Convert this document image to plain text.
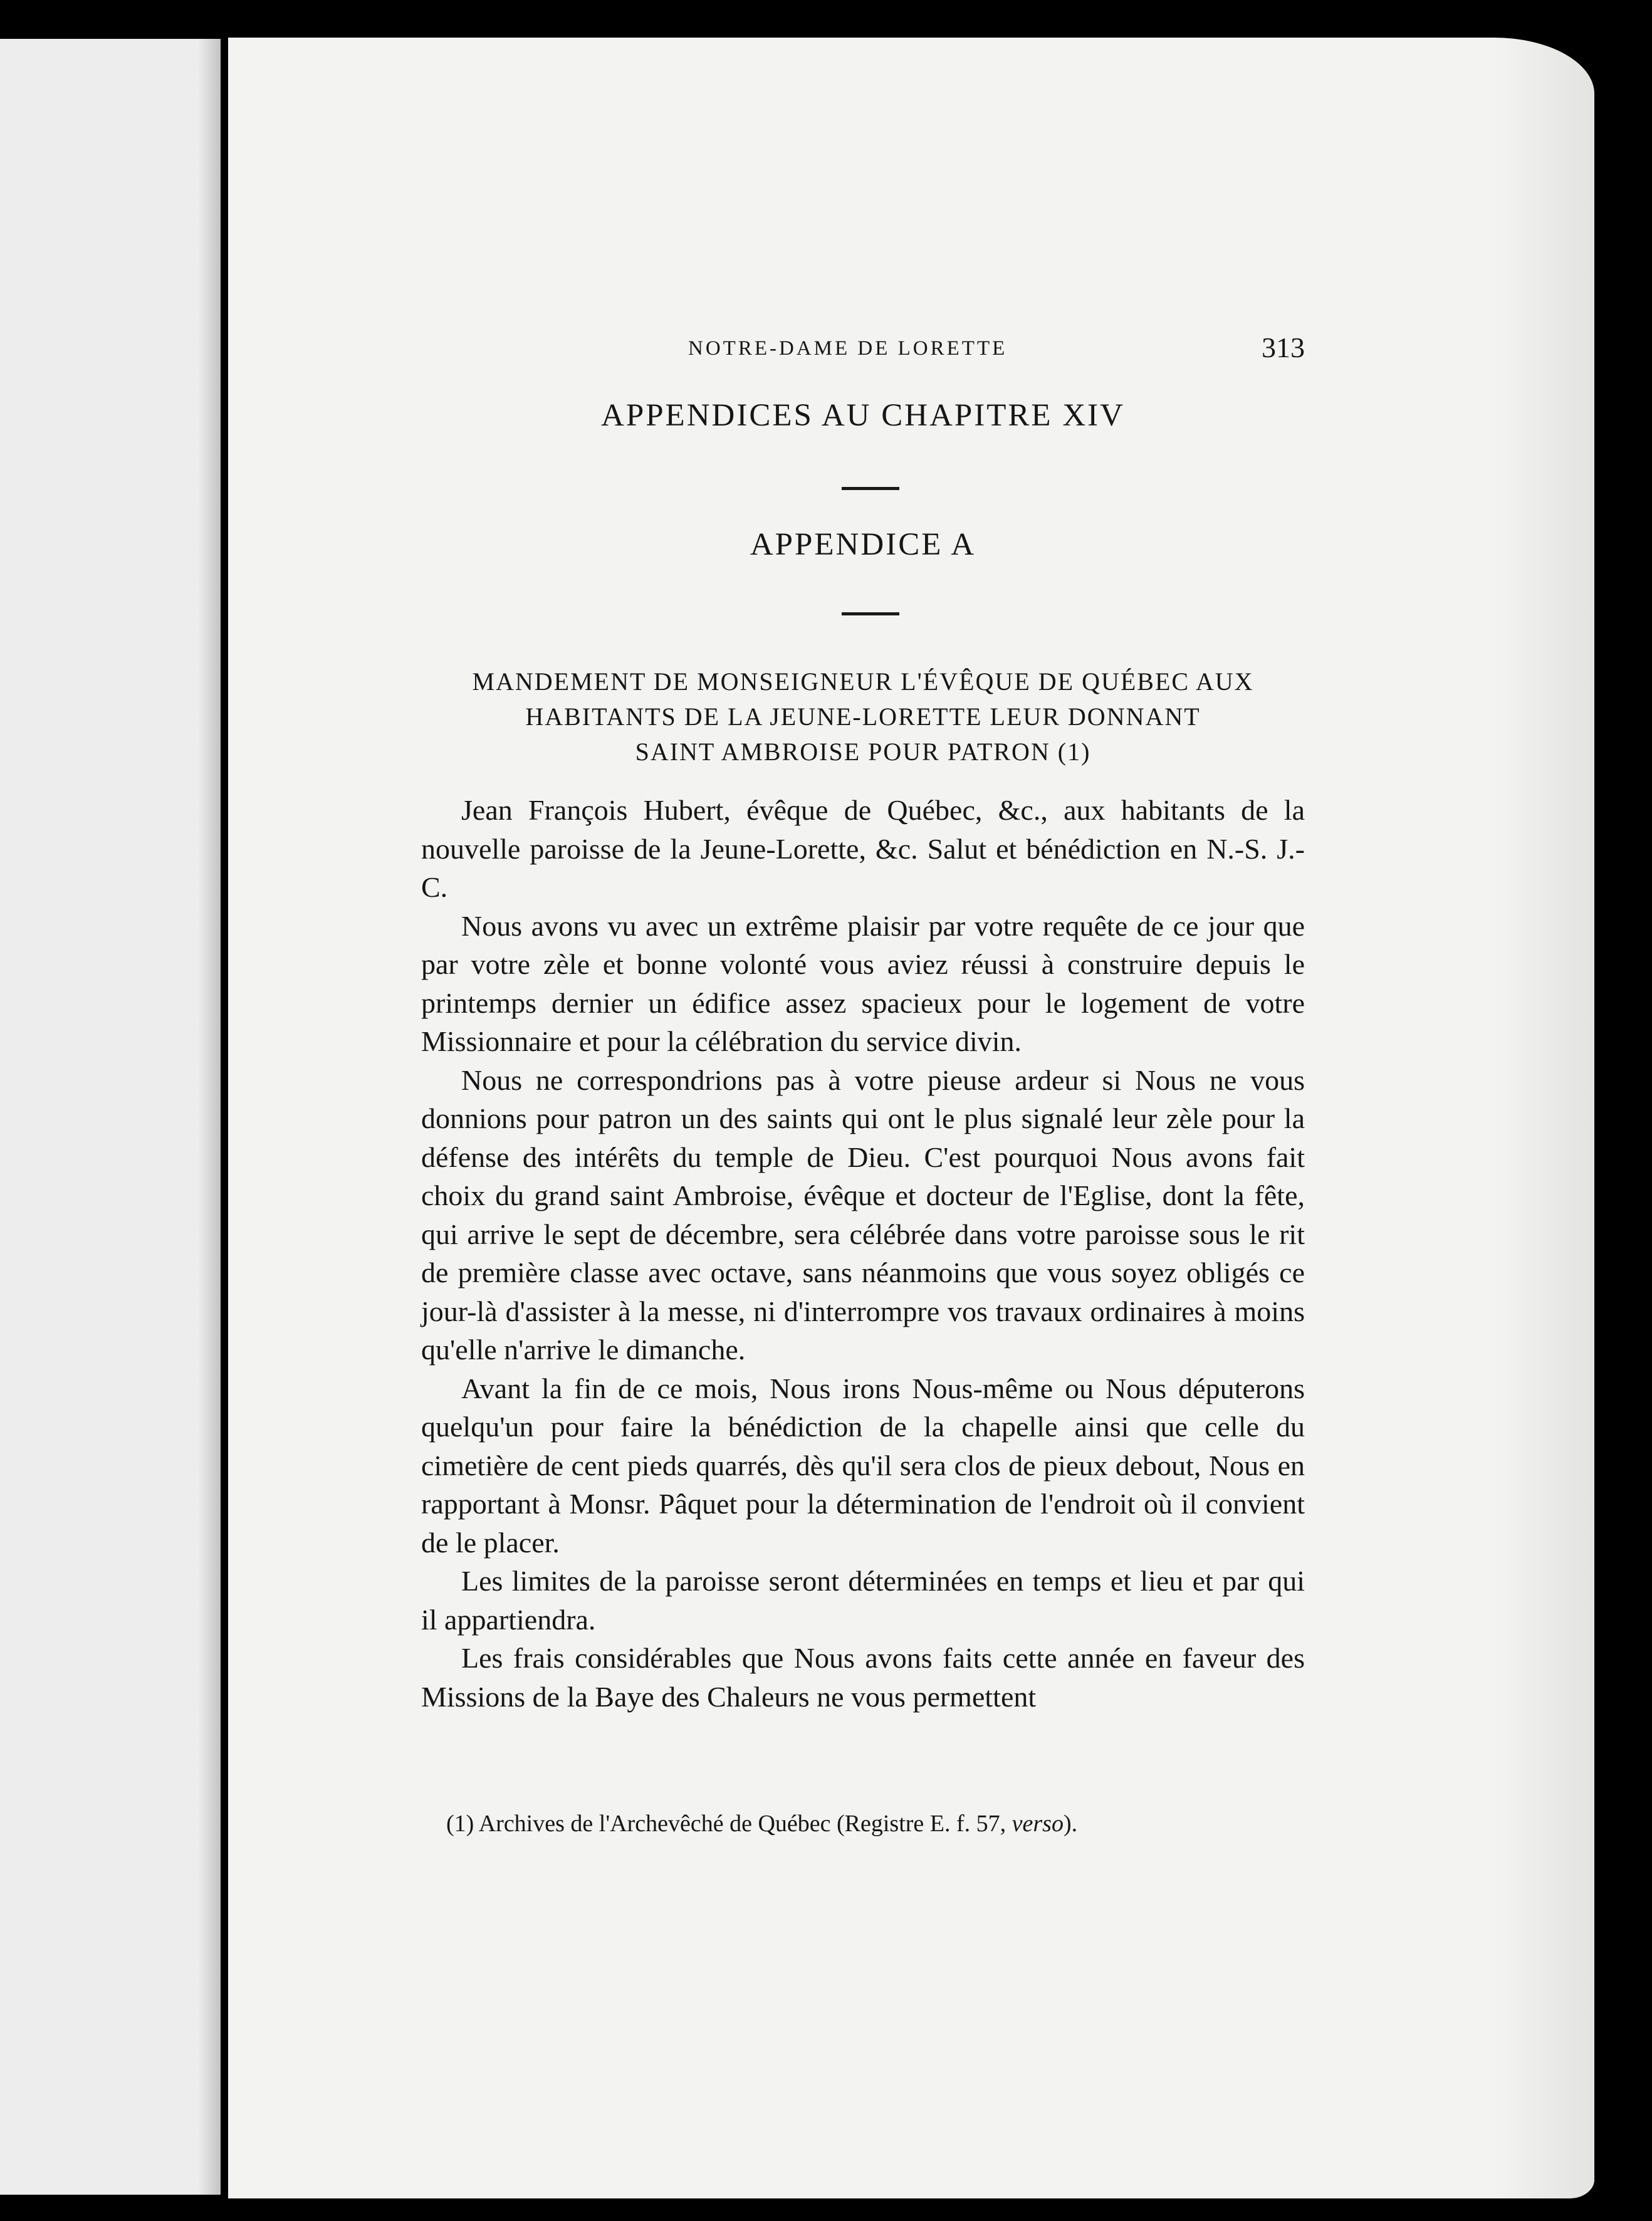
NOTRE-DAME DE LORETTE	313
APPENDICES AU CHAPITRE XIV
APPENDICE A
MANDEMENT DE MONSEIGNEUR L'ÉVÊQUE DE QUÉBEC AUX
HABITANTS DE LA JEUNE-LORETTE LEUR DONNANT
SAINT AMBROISE POUR PATRON (1)

Jean François Hubert, évêque de Québec, &c., aux habitants de la nouvelle paroisse de la Jeune-Lorette, &c. Salut et bénédiction en N.-S. J.-C.

Nous avons vu avec un extrême plaisir par votre requête de ce jour que par votre zèle et bonne volonté vous aviez réussi à construire depuis le printemps dernier un édifice assez spacieux pour le logement de votre Missionnaire et pour la célébration du service divin.

Nous ne correspondrions pas à votre pieuse ardeur si Nous ne vous donnions pour patron un des saints qui ont le plus signalé leur zèle pour la défense des intérêts du temple de Dieu. C'est pourquoi Nous avons fait choix du grand saint Ambroise, évêque et docteur de l'Eglise, dont la fête, qui arrive le sept de décembre, sera célébrée dans votre paroisse sous le rit de première classe avec octave, sans néanmoins que vous soyez obligés ce jour-là d'assister à la messe, ni d'interrompre vos travaux ordinaires à moins qu'elle n'arrive le dimanche.

Avant la fin de ce mois, Nous irons Nous-même ou Nous députerons quelqu'un pour faire la bénédiction de la chapelle ainsi que celle du cimetière de cent pieds quarrés, dès qu'il sera clos de pieux debout, Nous en rapportant à Monsr. Pâquet pour la détermination de l'endroit où il convient de le placer.

Les limites de la paroisse seront déterminées en temps et lieu et par qui il appartiendra.

Les frais considérables que Nous avons faits cette année en faveur des Missions de la Baye des Chaleurs ne vous permettent

(1) Archives de l'Archevêché de Québec (Registre E. f. 57, verso).
